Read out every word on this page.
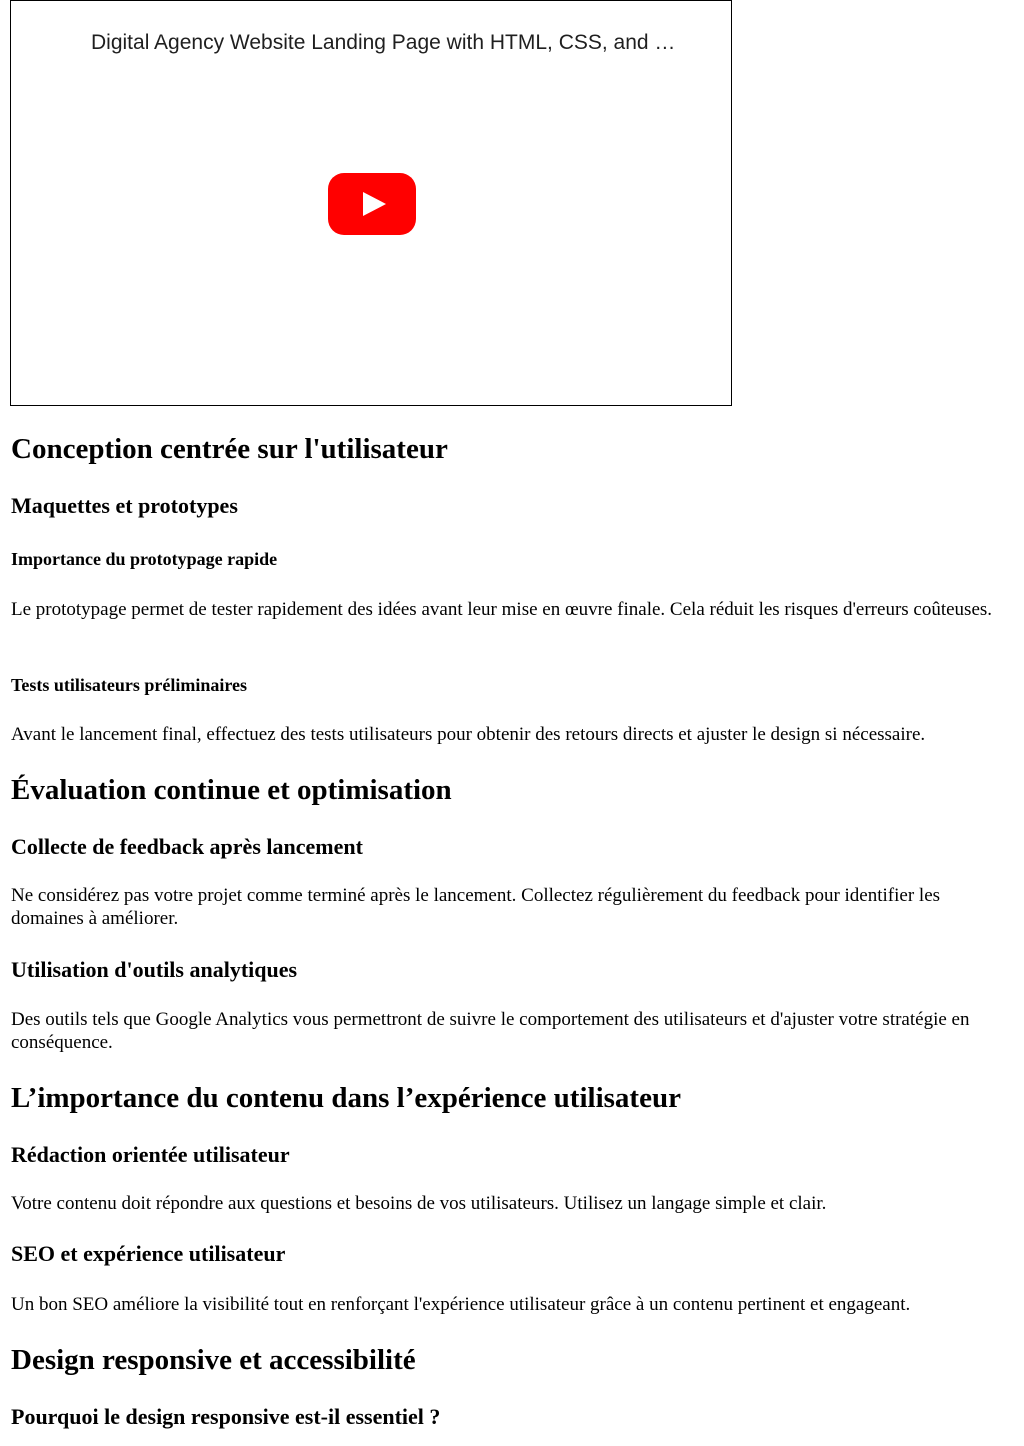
Digital Agency Website Landing Page with HTML, CSS, and …
Conception centrée sur l'utilisateur
Maquettes et prototypes
Importance du prototypage rapide

Le prototypage permet de tester rapidement des idées avant leur mise en œuvre finale. Cela réduit les risques d'erreurs coûteuses.

Tests utilisateurs préliminaires

Avant le lancement final, effectuez des tests utilisateurs pour obtenir des retours directs et ajuster le design si nécessaire.

Évaluation continue et optimisation
Collecte de feedback après lancement

Ne considérez pas votre projet comme terminé après le lancement. Collectez régulièrement du feedback pour identifier les domaines à améliorer.

Utilisation d'outils analytiques

Des outils tels que Google Analytics vous permettront de suivre le comportement des utilisateurs et d'ajuster votre stratégie en conséquence.

L’importance du contenu dans l’expérience utilisateur
Rédaction orientée utilisateur

Votre contenu doit répondre aux questions et besoins de vos utilisateurs. Utilisez un langage simple et clair.

SEO et expérience utilisateur

Un bon SEO améliore la visibilité tout en renforçant l'expérience utilisateur grâce à un contenu pertinent et engageant.

Design responsive et accessibilité
Pourquoi le design responsive est-il essentiel ?
